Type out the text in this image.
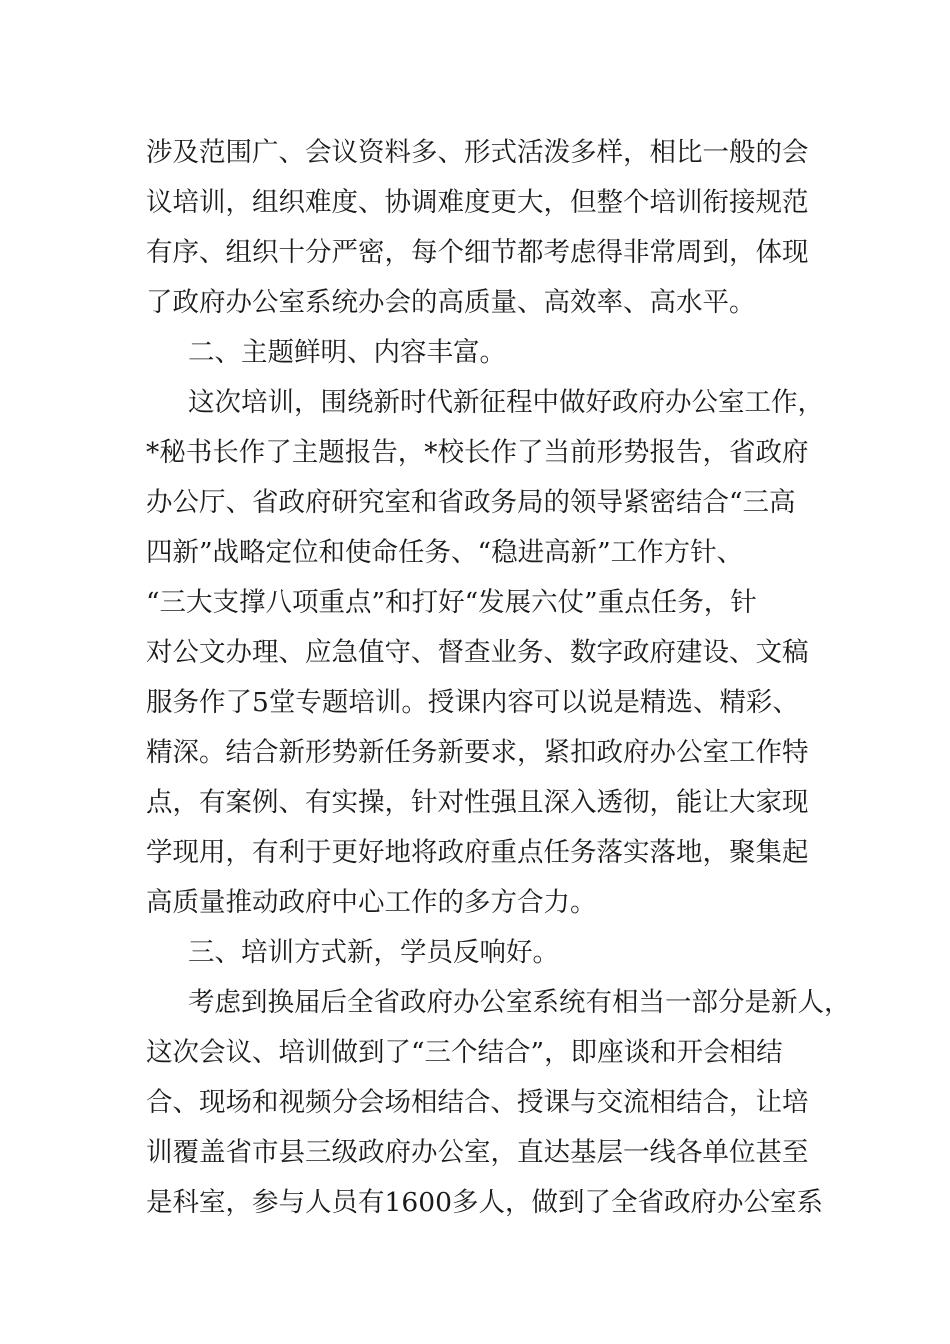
涉及范围广、会议资料多、形式活泼多样，相比一般的会
议培训，组织难度、协调难度更大，但整个培训衔接规范
有序、组织十分严密，每个细节都考虑得非常周到，体现
了政府办公室系统办会的高质量、高效率、高水平。
二、主题鲜明、内容丰富。
这次培训，围绕新时代新征程中做好政府办公室工作，
*秘书长作了主题报告，*校长作了当前形势报告，省政府
办公厅、省政府研究室和省政务局的领导紧密结合“三高
四新”战略定位和使命任务、“稳进高新”工作方针、
“三大支撑八项重点”和打好“发展六仗”重点任务，针
对公文办理、应急值守、督查业务、数字政府建设、文稿
服务作了5堂专题培训。授课内容可以说是精选、精彩、
精深。结合新形势新任务新要求，紧扣政府办公室工作特
点，有案例、有实操，针对性强且深入透彻，能让大家现
学现用，有利于更好地将政府重点任务落实落地，聚集起
高质量推动政府中心工作的多方合力。
三、培训方式新，学员反响好。
考虑到换届后全省政府办公室系统有相当一部分是新人，
这次会议、培训做到了“三个结合”，即座谈和开会相结
合、现场和视频分会场相结合、授课与交流相结合，让培
训覆盖省市县三级政府办公室，直达基层一线各单位甚至
是科室，参与人员有1600多人，做到了全省政府办公室系
